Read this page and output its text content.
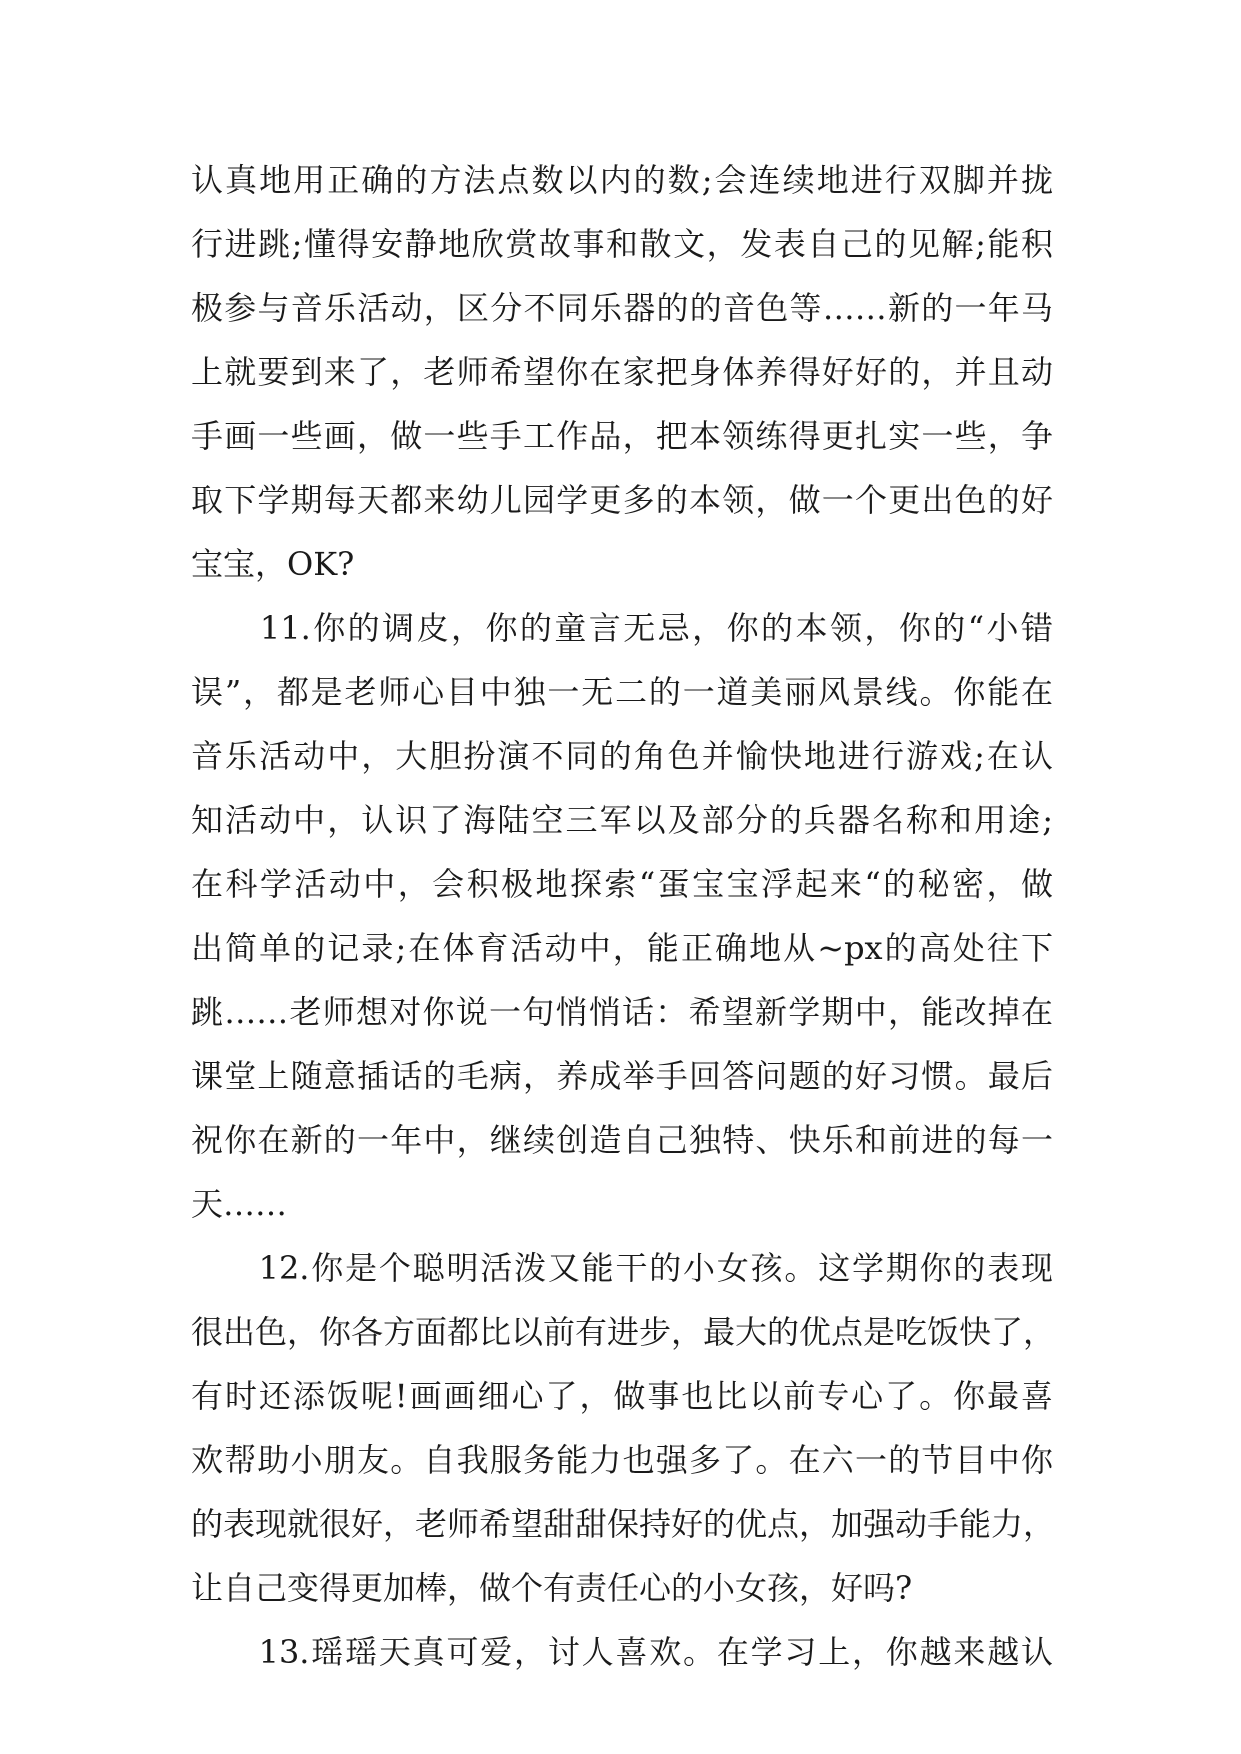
认真地用正确的方法点数以内的数;会连续地进行双脚并拢
行进跳;懂得安静地欣赏故事和散文，发表自己的见解;能积
极参与音乐活动，区分不同乐器的的音色等……新的一年马
上就要到来了，老师希望你在家把身体养得好好的，并且动
手画一些画，做一些手工作品，把本领练得更扎实一些，争
取下学期每天都来幼儿园学更多的本领，做一个更出色的好
宝宝，OK?
　　11.你的调皮，你的童言无忌，你的本领，你的“小错
误”，都是老师心目中独一无二的一道美丽风景线。你能在
音乐活动中，大胆扮演不同的角色并愉快地进行游戏;在认
知活动中，认识了海陆空三军以及部分的兵器名称和用途;
在科学活动中，会积极地探索“蛋宝宝浮起来“的秘密，做
出简单的记录;在体育活动中，能正确地从~px的高处往下
跳……老师想对你说一句悄悄话：希望新学期中，能改掉在
课堂上随意插话的毛病，养成举手回答问题的好习惯。最后
祝你在新的一年中，继续创造自己独特、快乐和前进的每一
天……
　　12.你是个聪明活泼又能干的小女孩。这学期你的表现
很出色，你各方面都比以前有进步，最大的优点是吃饭快了，
有时还添饭呢!画画细心了，做事也比以前专心了。你最喜
欢帮助小朋友。自我服务能力也强多了。在六一的节目中你
的表现就很好，老师希望甜甜保持好的优点，加强动手能力，
让自己变得更加棒，做个有责任心的小女孩，好吗?
　　13.瑶瑶天真可爱，讨人喜欢。在学习上，你越来越认
